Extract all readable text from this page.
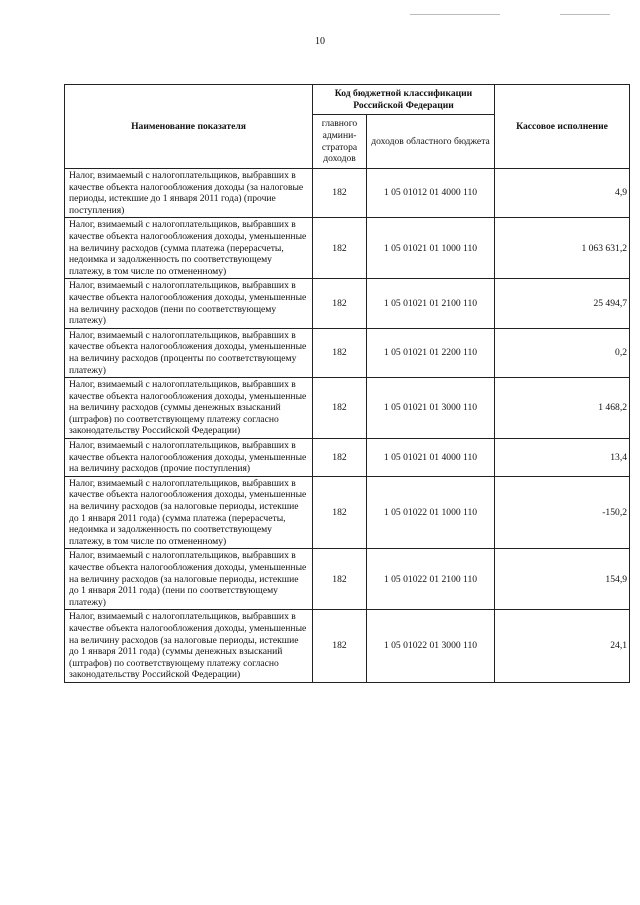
10
Наименование показателя	Код бюджетной классификации Российской Федерации		Кассовое исполнение
	главного админи-стратора доходов	доходов областного бюджета	
Налог, взимаемый с налогоплательщиков, выбравших в качестве объекта налогообложения доходы (за налоговые периоды, истекшие до 1 января 2011 года) (прочие поступления)	182	1 05 01012 01 4000 110	4,9
Налог, взимаемый с налогоплательщиков, выбравших в качестве объекта налогообложения доходы, уменьшенные на величину расходов (сумма платежа (перерасчеты, недоимка и задолженность по соответствующему платежу, в том числе по отмененному)	182	1 05 01021 01 1000 110	1 063 631,2
Налог, взимаемый с налогоплательщиков, выбравших в качестве объекта налогообложения доходы, уменьшенные на величину расходов (пени по соответствующему платежу)	182	1 05 01021 01 2100 110	25 494,7
Налог, взимаемый с налогоплательщиков, выбравших в качестве объекта налогообложения доходы, уменьшенные на величину расходов (проценты по соответствующему платежу)	182	1 05 01021 01 2200 110	0,2
Налог, взимаемый с налогоплательщиков, выбравших в качестве объекта налогообложения доходы, уменьшенные на величину расходов (суммы денежных взысканий (штрафов) по соответствующему платежу согласно законодательству Российской Федерации)	182	1 05 01021 01 3000 110	1 468,2
Налог, взимаемый с налогоплательщиков, выбравших в качестве объекта налогообложения доходы, уменьшенные на величину расходов (прочие поступления)	182	1 05 01021 01 4000 110	13,4
Налог, взимаемый с налогоплательщиков, выбравших в качестве объекта налогообложения доходы, уменьшенные на величину расходов (за налоговые периоды, истекшие до 1 января 2011 года) (сумма платежа (перерасчеты, недоимка и задолженность по соответствующему платежу, в том числе по отмененному)	182	1 05 01022 01 1000 110	-150,2
Налог, взимаемый с налогоплательщиков, выбравших в качестве объекта налогообложения доходы, уменьшенные на величину расходов (за налоговые периоды, истекшие до 1 января 2011 года) (пени по соответствующему платежу)	182	1 05 01022 01 2100 110	154,9
Налог, взимаемый с налогоплательщиков, выбравших в качестве объекта налогообложения доходы, уменьшенные на величину расходов (за налоговые периоды, истекшие до 1 января 2011 года) (суммы денежных взысканий (штрафов) по соответствующему платежу согласно законодательству Российской Федерации)	182	1 05 01022 01 3000 110	24,1
